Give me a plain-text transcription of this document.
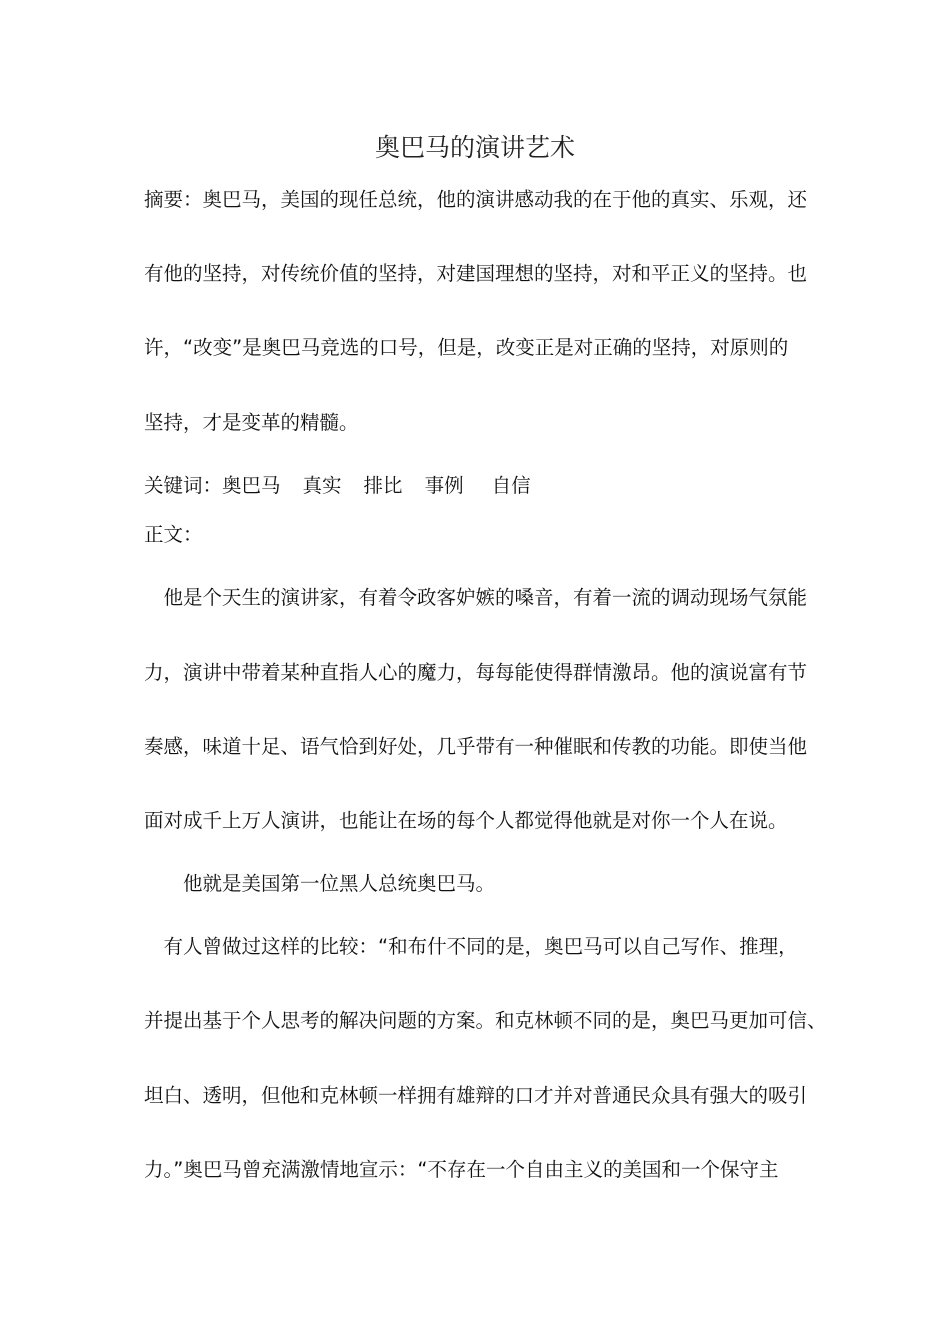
奥巴马的演讲艺术
摘要：奥巴马，美国的现任总统，他的演讲感动我的在于他的真实、乐观，还
有他的坚持，对传统价值的坚持，对建国理想的坚持，对和平正义的坚持。也
许，“改变”是奥巴马竞选的口号，但是，改变正是对正确的坚持，对原则的
坚持，才是变革的精髓。
关键词：奥巴马 真实 排比 事例 自信
正文：
　他是个天生的演讲家，有着令政客妒嫉的嗓音，有着一流的调动现场气氛能
力，演讲中带着某种直指人心的魔力，每每能使得群情激昂。他的演说富有节
奏感，味道十足、语气恰到好处，几乎带有一种催眠和传教的功能。即使当他
面对成千上万人演讲，也能让在场的每个人都觉得他就是对你一个人在说。
　　他就是美国第一位黑人总统奥巴马。
　有人曾做过这样的比较：“和布什不同的是，奥巴马可以自己写作、推理，
并提出基于个人思考的解决问题的方案。和克林顿不同的是，奥巴马更加可信、
坦白、透明，但他和克林顿一样拥有雄辩的口才并对普通民众具有强大的吸引
力。”奥巴马曾充满激情地宣示：“不存在一个自由主义的美国和一个保守主
